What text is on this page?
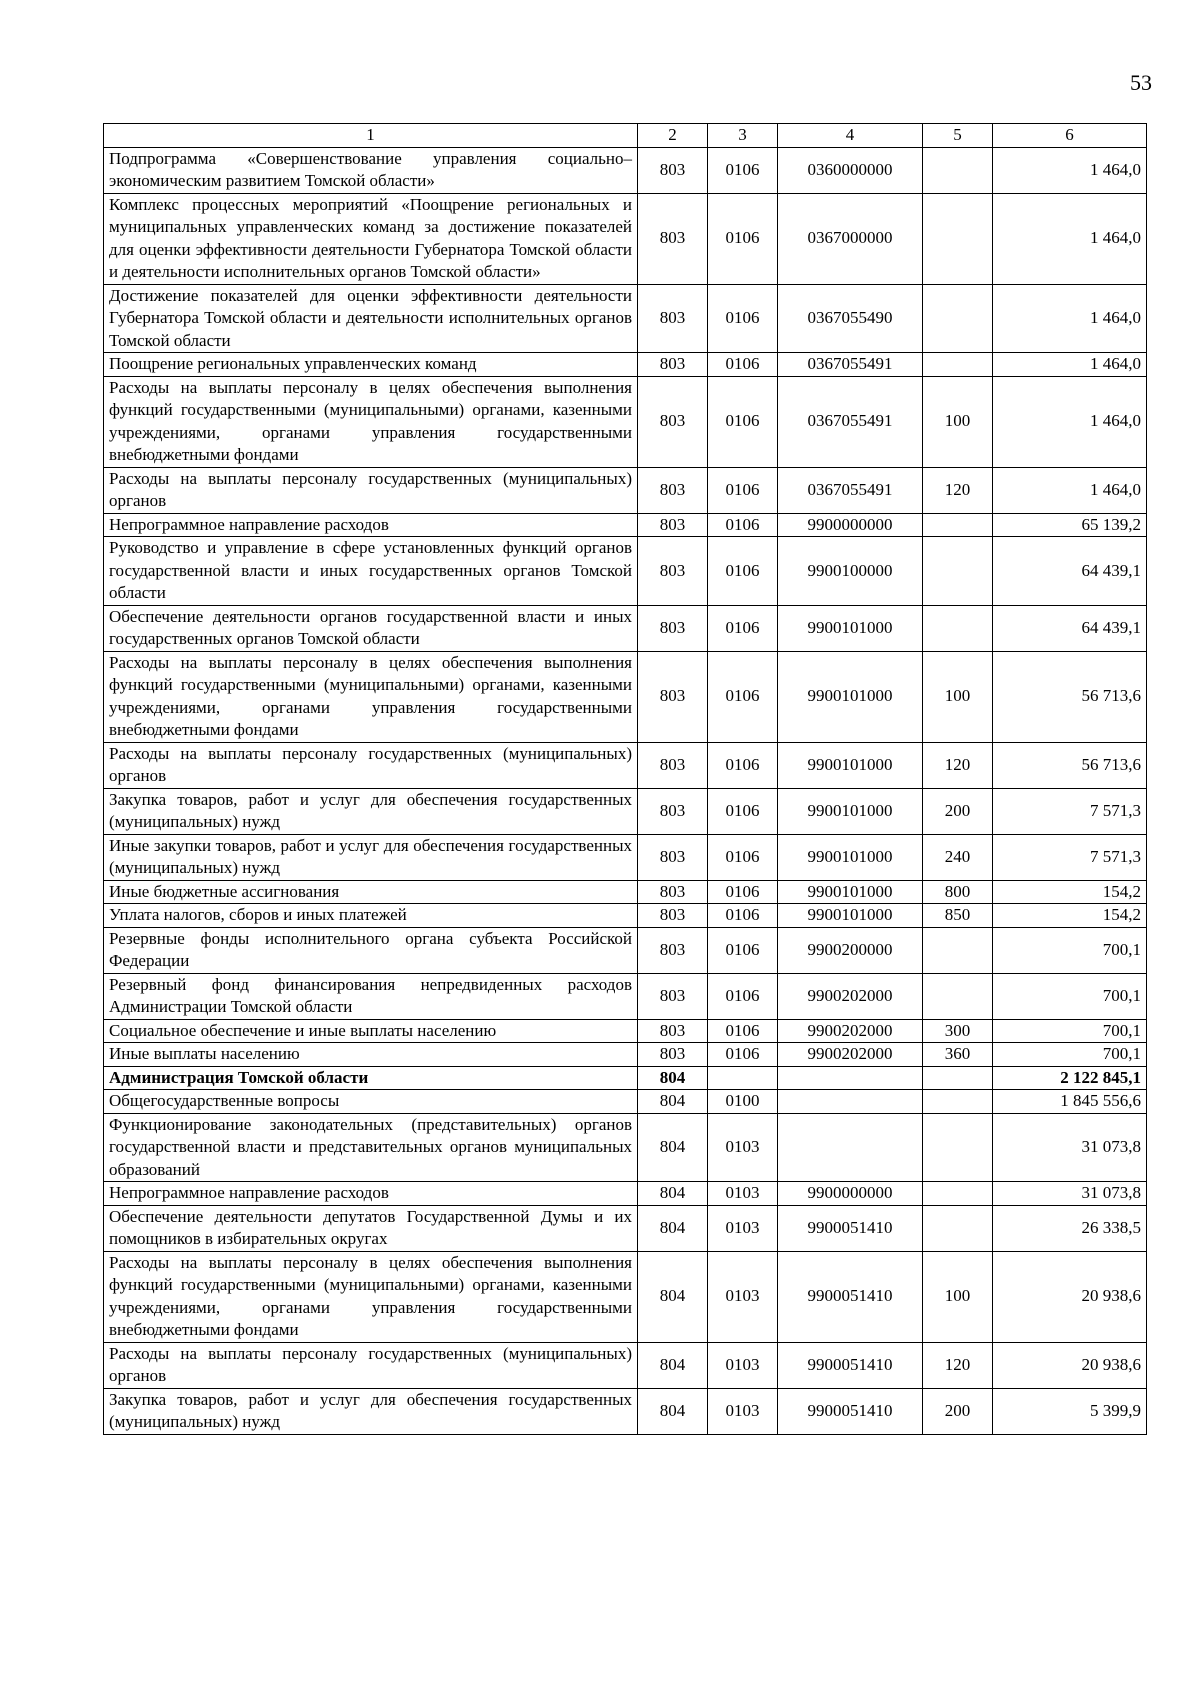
53
1	2	3	4	5	6
Подпрограмма «Совершенствование управления социально–экономическим развитием Томской области»	803	0106	0360000000		1 464,0
Комплекс процессных мероприятий «Поощрение региональных и муниципальных управленческих команд за достижение показателей для оценки эффективности деятельности Губернатора Томской области и деятельности исполнительных органов Томской области»	803	0106	0367000000		1 464,0
Достижение показателей для оценки эффективности деятельности Губернатора Томской области и деятельности исполнительных органов Томской области	803	0106	0367055490		1 464,0
Поощрение региональных управленческих команд	803	0106	0367055491		1 464,0
Расходы на выплаты персоналу в целях обеспечения выполнения функций государственными (муниципальными) органами, казенными учреждениями, органами управления государственными внебюджетными фондами	803	0106	0367055491	100	1 464,0
Расходы на выплаты персоналу государственных (муниципальных) органов	803	0106	0367055491	120	1 464,0
Непрограммное направление расходов	803	0106	9900000000		65 139,2
Руководство и управление в сфере установленных функций органов государственной власти и иных государственных органов Томской области	803	0106	9900100000		64 439,1
Обеспечение деятельности органов государственной власти и иных государственных органов Томской области	803	0106	9900101000		64 439,1
Расходы на выплаты персоналу в целях обеспечения выполнения функций государственными (муниципальными) органами, казенными учреждениями, органами управления государственными внебюджетными фондами	803	0106	9900101000	100	56 713,6
Расходы на выплаты персоналу государственных (муниципальных) органов	803	0106	9900101000	120	56 713,6
Закупка товаров, работ и услуг для обеспечения государственных (муниципальных) нужд	803	0106	9900101000	200	7 571,3
Иные закупки товаров, работ и услуг для обеспечения государственных (муниципальных) нужд	803	0106	9900101000	240	7 571,3
Иные бюджетные ассигнования	803	0106	9900101000	800	154,2
Уплата налогов, сборов и иных платежей	803	0106	9900101000	850	154,2
Резервные фонды исполнительного органа субъекта Российской Федерации	803	0106	9900200000		700,1
Резервный фонд финансирования непредвиденных расходов Администрации Томской области	803	0106	9900202000		700,1
Социальное обеспечение и иные выплаты населению	803	0106	9900202000	300	700,1
Иные выплаты населению	803	0106	9900202000	360	700,1
Администрация Томской области	804				2 122 845,1
Общегосударственные вопросы	804	0100			1 845 556,6
Функционирование законодательных (представительных) органов государственной власти и представительных органов муниципальных образований	804	0103			31 073,8
Непрограммное направление расходов	804	0103	9900000000		31 073,8
Обеспечение деятельности депутатов Государственной Думы и их помощников в избирательных округах	804	0103	9900051410		26 338,5
Расходы на выплаты персоналу в целях обеспечения выполнения функций государственными (муниципальными) органами, казенными учреждениями, органами управления государственными внебюджетными фондами	804	0103	9900051410	100	20 938,6
Расходы на выплаты персоналу государственных (муниципальных) органов	804	0103	9900051410	120	20 938,6
Закупка товаров, работ и услуг для обеспечения государственных (муниципальных) нужд	804	0103	9900051410	200	5 399,9
